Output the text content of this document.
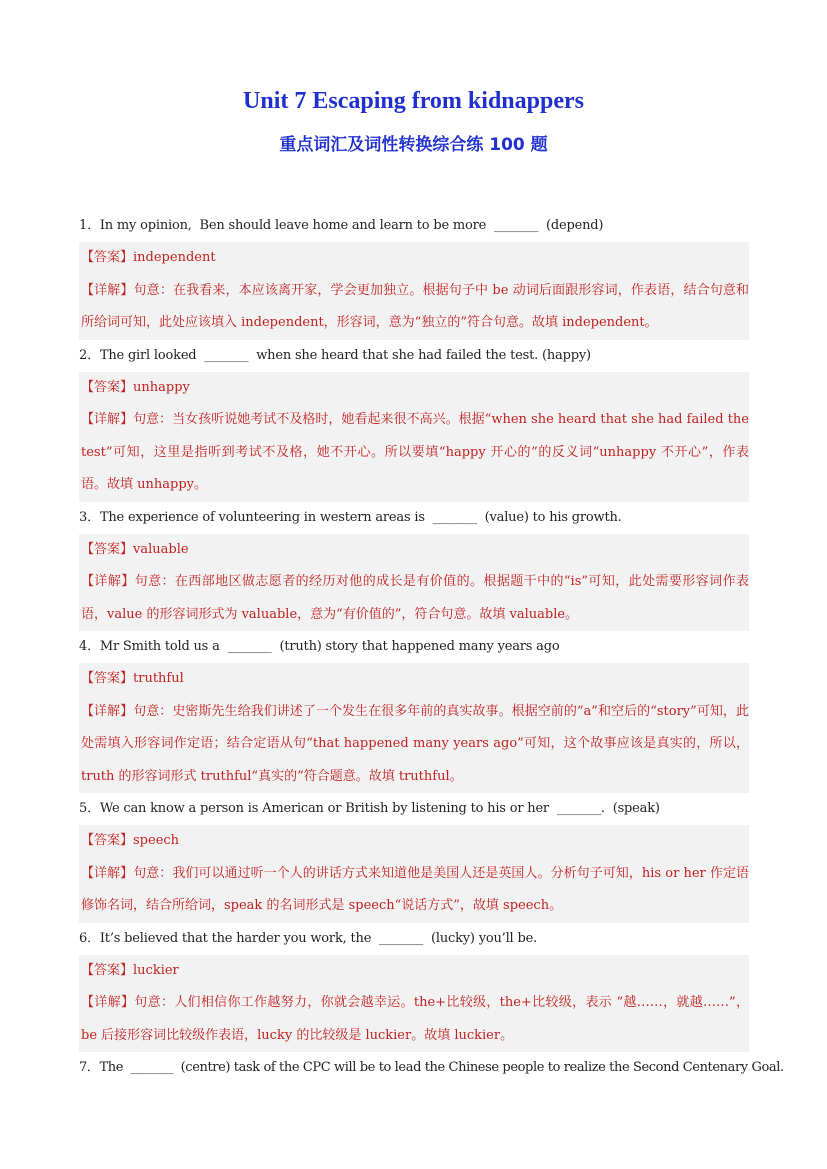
Unit 7 Escaping from kidnappers
重点词汇及词性转换综合练 100 题
1．In my opinion,  Ben should leave home and learn to be more  _______  (depend)
【答案】independent
【详解】句意：在我看来，本应该离开家，学会更加独立。根据句子中 be 动词后面跟形容词，作表语，结合句意和所给词可知，此处应该填入 independent，形容词，意为“独立的”符合句意。故填 independent。
2．The girl looked  _______  when she heard that she had failed the test. (happy)
【答案】unhappy
【详解】句意：当女孩听说她考试不及格时，她看起来很不高兴。根据“when she heard that she had failed the test”可知，这里是指听到考试不及格，她不开心。所以要填“happy 开心的”的反义词“unhappy 不开心”，作表语。故填 unhappy。
3．The experience of volunteering in western areas is  _______  (value) to his growth.
【答案】valuable
【详解】句意：在西部地区做志愿者的经历对他的成长是有价值的。根据题干中的“is”可知，此处需要形容词作表语，value 的形容词形式为 valuable，意为“有价值的”，符合句意。故填 valuable。
4．Mr Smith told us a  _______  (truth) story that happened many years ago
【答案】truthful
【详解】句意：史密斯先生给我们讲述了一个发生在很多年前的真实故事。根据空前的“a”和空后的“story”可知，此处需填入形容词作定语；结合定语从句“that happened many years ago”可知，这个故事应该是真实的，所以，truth 的形容词形式 truthful“真实的”符合题意。故填 truthful。
5．We can know a person is American or British by listening to his or her  _______.  (speak)
【答案】speech
【详解】句意：我们可以通过听一个人的讲话方式来知道他是美国人还是英国人。分析句子可知，his or her 作定语修饰名词，结合所给词，speak 的名词形式是 speech“说话方式”，故填 speech。
6．It’s believed that the harder you work, the  _______  (lucky) you’ll be.
【答案】luckier
【详解】句意：人们相信你工作越努力，你就会越幸运。the+比较级，the+比较级，表示 “越……，就越……”，be 后接形容词比较级作表语，lucky 的比较级是 luckier。故填 luckier。
7．The  _______  (centre) task of the CPC will be to lead the Chinese people to realize the Second Centenary Goal.
